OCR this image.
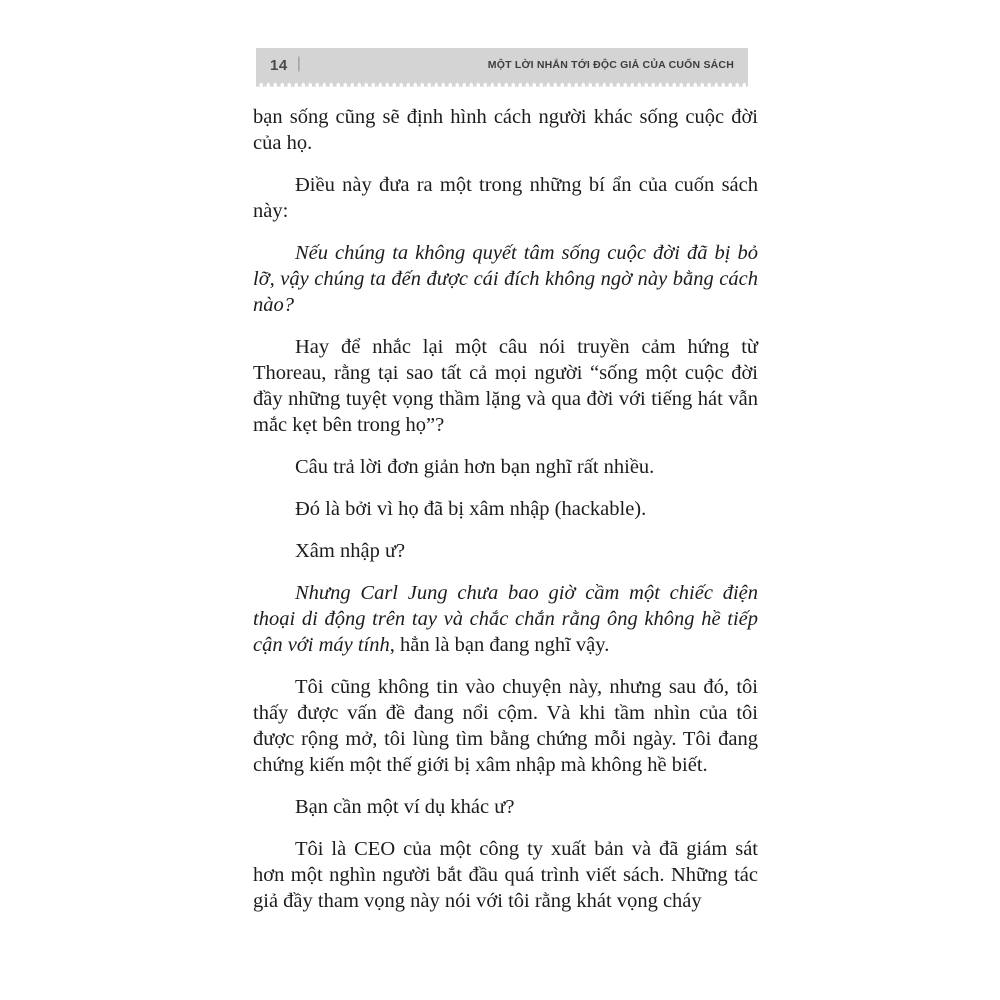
14 |	MỘT LỜI NHẮN TỚI ĐỘC GIẢ CỦA CUỐN SÁCH

bạn sống cũng sẽ định hình cách người khác sống cuộc đời của họ.

Điều này đưa ra một trong những bí ẩn của cuốn sách này:

Nếu chúng ta không quyết tâm sống cuộc đời đã bị bỏ lỡ, vậy chúng ta đến được cái đích không ngờ này bằng cách nào?

Hay để nhắc lại một câu nói truyền cảm hứng từ Thoreau, rằng tại sao tất cả mọi người “sống một cuộc đời đầy những tuyệt vọng thầm lặng và qua đời với tiếng hát vẫn mắc kẹt bên trong họ”?

Câu trả lời đơn giản hơn bạn nghĩ rất nhiều.

Đó là bởi vì họ đã bị xâm nhập (hackable).

Xâm nhập ư?

Nhưng Carl Jung chưa bao giờ cầm một chiếc điện thoại di động trên tay và chắc chắn rằng ông không hề tiếp cận với máy tính, hẳn là bạn đang nghĩ vậy.

Tôi cũng không tin vào chuyện này, nhưng sau đó, tôi thấy được vấn đề đang nổi cộm. Và khi tầm nhìn của tôi được rộng mở, tôi lùng tìm bằng chứng mỗi ngày. Tôi đang chứng kiến một thế giới bị xâm nhập mà không hề biết.

Bạn cần một ví dụ khác ư?

Tôi là CEO của một công ty xuất bản và đã giám sát hơn một nghìn người bắt đầu quá trình viết sách. Những tác giả đầy tham vọng này nói với tôi rằng khát vọng cháy
